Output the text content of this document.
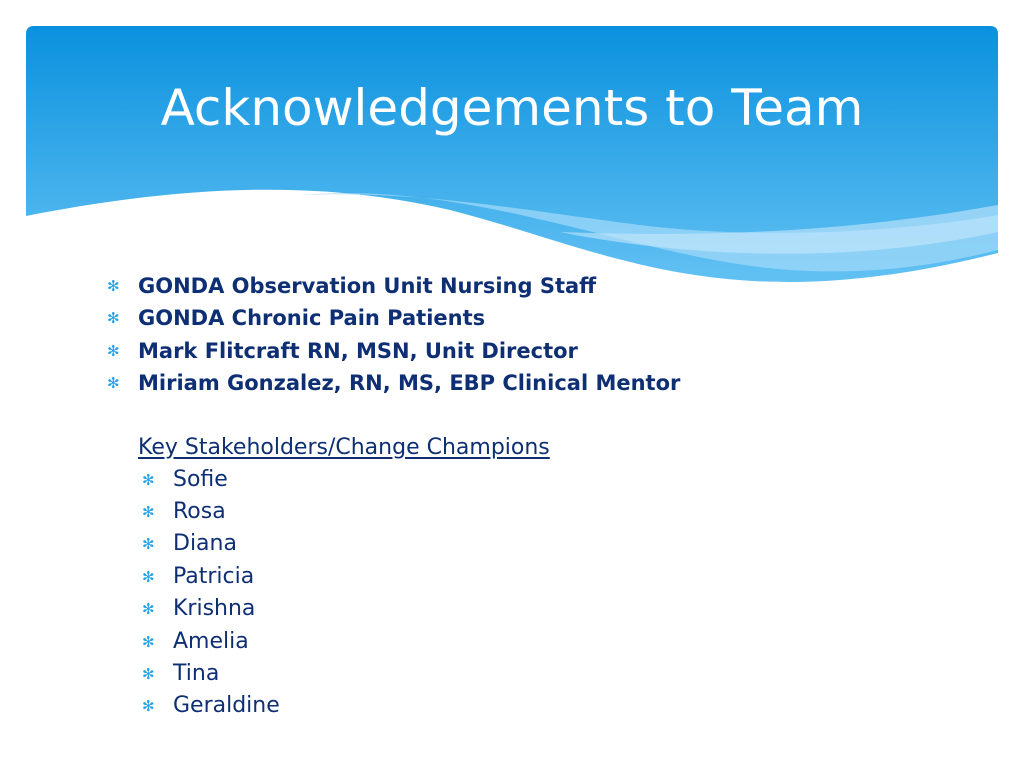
Acknowledgements to Team
✻ GONDA Observation Unit Nursing Staff
✻ GONDA Chronic Pain Patients
✻ Mark Flitcraft RN, MSN, Unit Director
✻ Miriam Gonzalez, RN, MS, EBP Clinical Mentor
Key Stakeholders/Change Champions
✻ Sofie
✻ Rosa
✻ Diana
✻ Patricia
✻ Krishna
✻ Amelia
✻ Tina
✻ Geraldine
